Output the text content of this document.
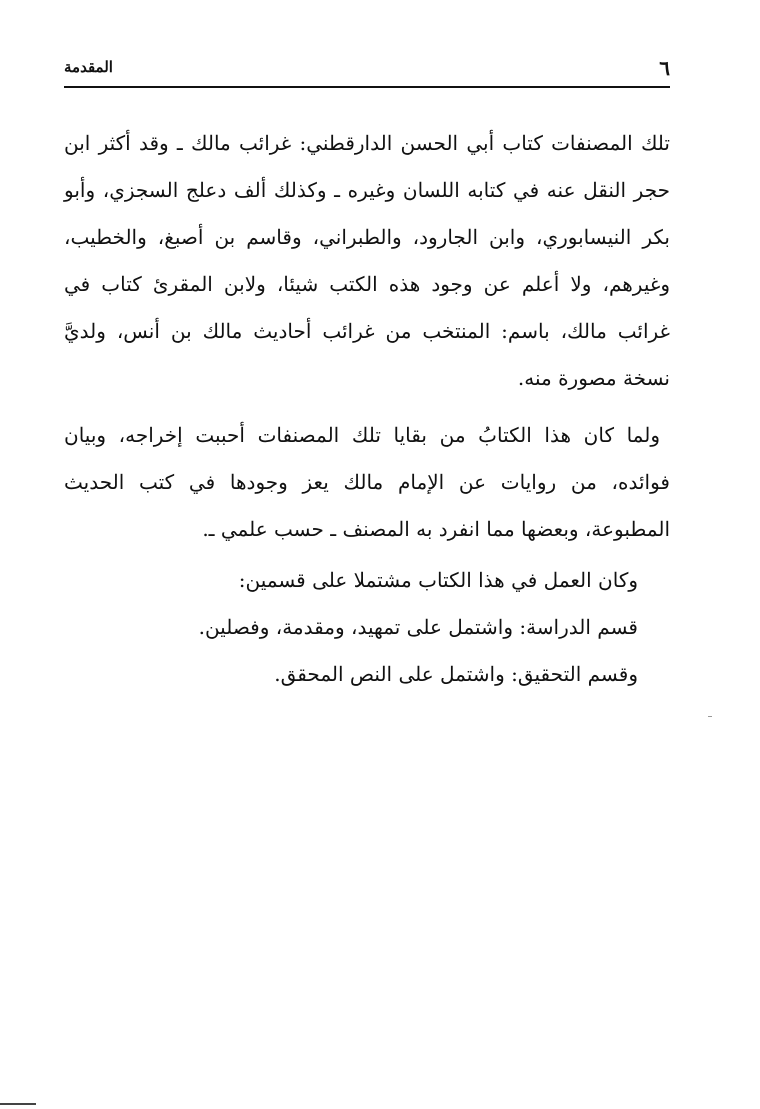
المقدمة	٦

تلك المصنفات كتاب أبي الحسن الدارقطني: غرائب مالك ـ وقد أكثر ابن حجر النقل عنه في كتابه اللسان وغيره ـ وكذلك ألف دعلج السجزي، وأبو بكر النيسابوري، وابن الجارود، والطبراني، وقاسم بن أصبغ، والخطيب، وغيرهم، ولا أعلم عن وجود هذه الكتب شيئا، ولابن المقرئ كتاب في غرائب مالك، باسم: المنتخب من غرائب أحاديث مالك بن أنس، ولديَّ نسخة مصورة منه.

ولما كان هذا الكتابُ من بقايا تلك المصنفات أحببت إخراجه، وبيان فوائده، من روايات عن الإمام مالك يعز وجودها في كتب الحديث المطبوعة، وبعضها مما انفرد به المصنف ـ حسب علمي ـ.

وكان العمل في هذا الكتاب مشتملا على قسمين:

قسم الدراسة: واشتمل على تمهيد، ومقدمة، وفصلين.

وقسم التحقيق: واشتمل على النص المحقق.
